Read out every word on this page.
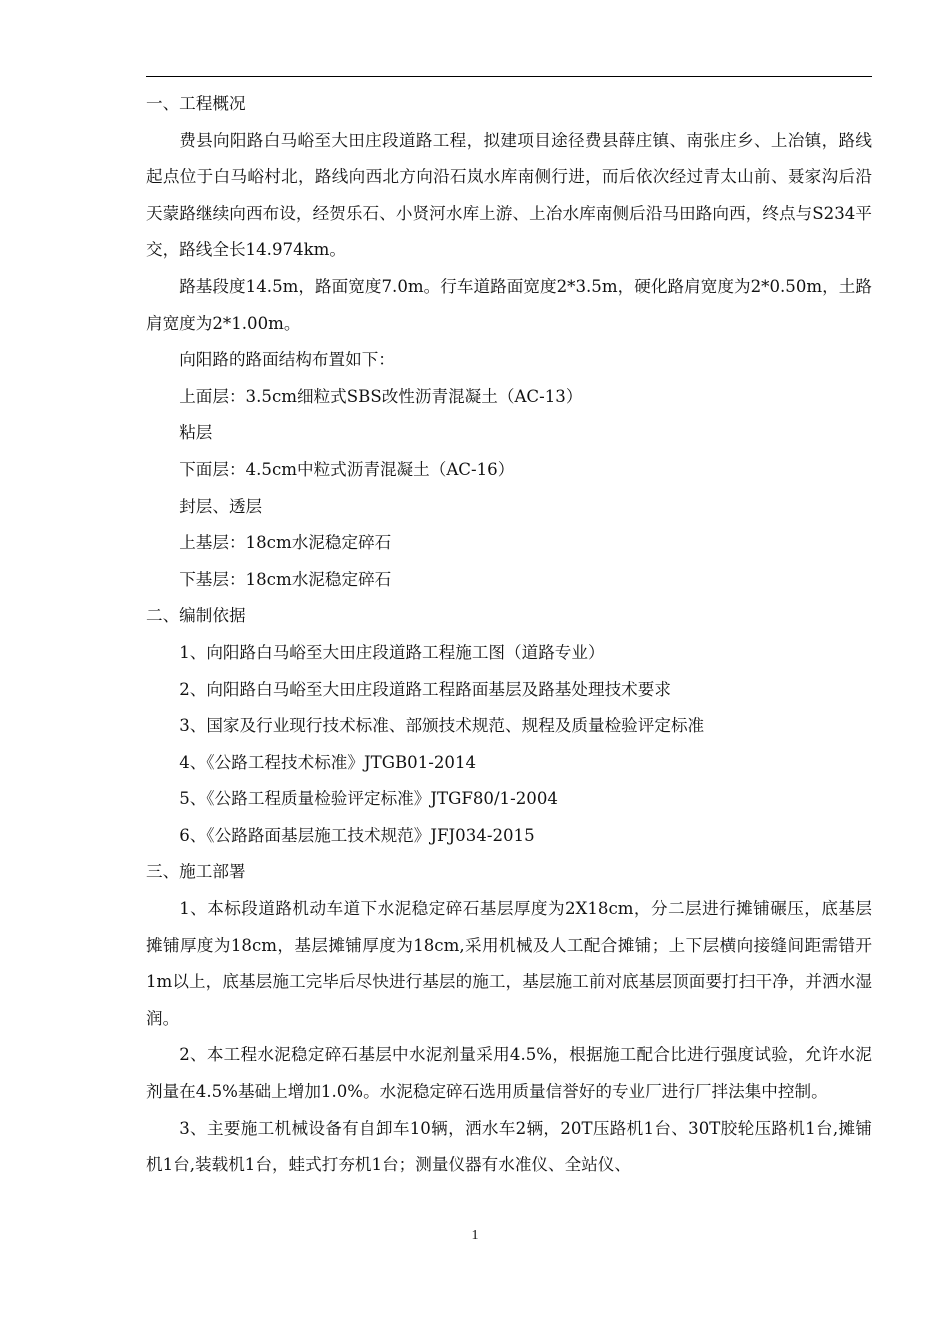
一、工程概况

费县向阳路白马峪至大田庄段道路工程，拟建项目途径费县薛庄镇、南张庄乡、上冶镇，路线起点位于白马峪村北，路线向西北方向沿石岚水库南侧行进，而后依次经过青太山前、聂家沟后沿天蒙路继续向西布设，经贺乐石、小贤河水库上游、上冶水库南侧后沿马田路向西，终点与S234平交，路线全长14.974km。

路基段度14.5m，路面宽度7.0m。行车道路面宽度2*3.5m，硬化路肩宽度为2*0.50m，土路肩宽度为2*1.00m。

向阳路的路面结构布置如下：

上面层：3.5cm细粒式SBS改性沥青混凝土（AC-13）

粘层

下面层：4.5cm中粒式沥青混凝土（AC-16）

封层、透层

上基层：18cm水泥稳定碎石

下基层：18cm水泥稳定碎石

二、编制依据

1、向阳路白马峪至大田庄段道路工程施工图（道路专业）

2、向阳路白马峪至大田庄段道路工程路面基层及路基处理技术要求

3、国家及行业现行技术标准、部颁技术规范、规程及质量检验评定标准

4、《公路工程技术标准》JTGB01-2014

5、《公路工程质量检验评定标准》JTGF80/1-2004

6、《公路路面基层施工技术规范》JFJ034-2015

三、施工部署

1、本标段道路机动车道下水泥稳定碎石基层厚度为2X18cm，分二层进行摊铺碾压，底基层摊铺厚度为18cm，基层摊铺厚度为18cm,采用机械及人工配合摊铺；上下层横向接缝间距需错开1m以上，底基层施工完毕后尽快进行基层的施工，基层施工前对底基层顶面要打扫干净，并洒水湿润。

2、本工程水泥稳定碎石基层中水泥剂量采用4.5%，根据施工配合比进行强度试验，允许水泥剂量在4.5%基础上增加1.0%。水泥稳定碎石选用质量信誉好的专业厂进行厂拌法集中控制。

3、主要施工机械设备有自卸车10辆，洒水车2辆，20T压路机1台、30T胶轮压路机1台,摊铺机1台,装载机1台，蛙式打夯机1台；测量仪器有水准仪、全站仪、

1
